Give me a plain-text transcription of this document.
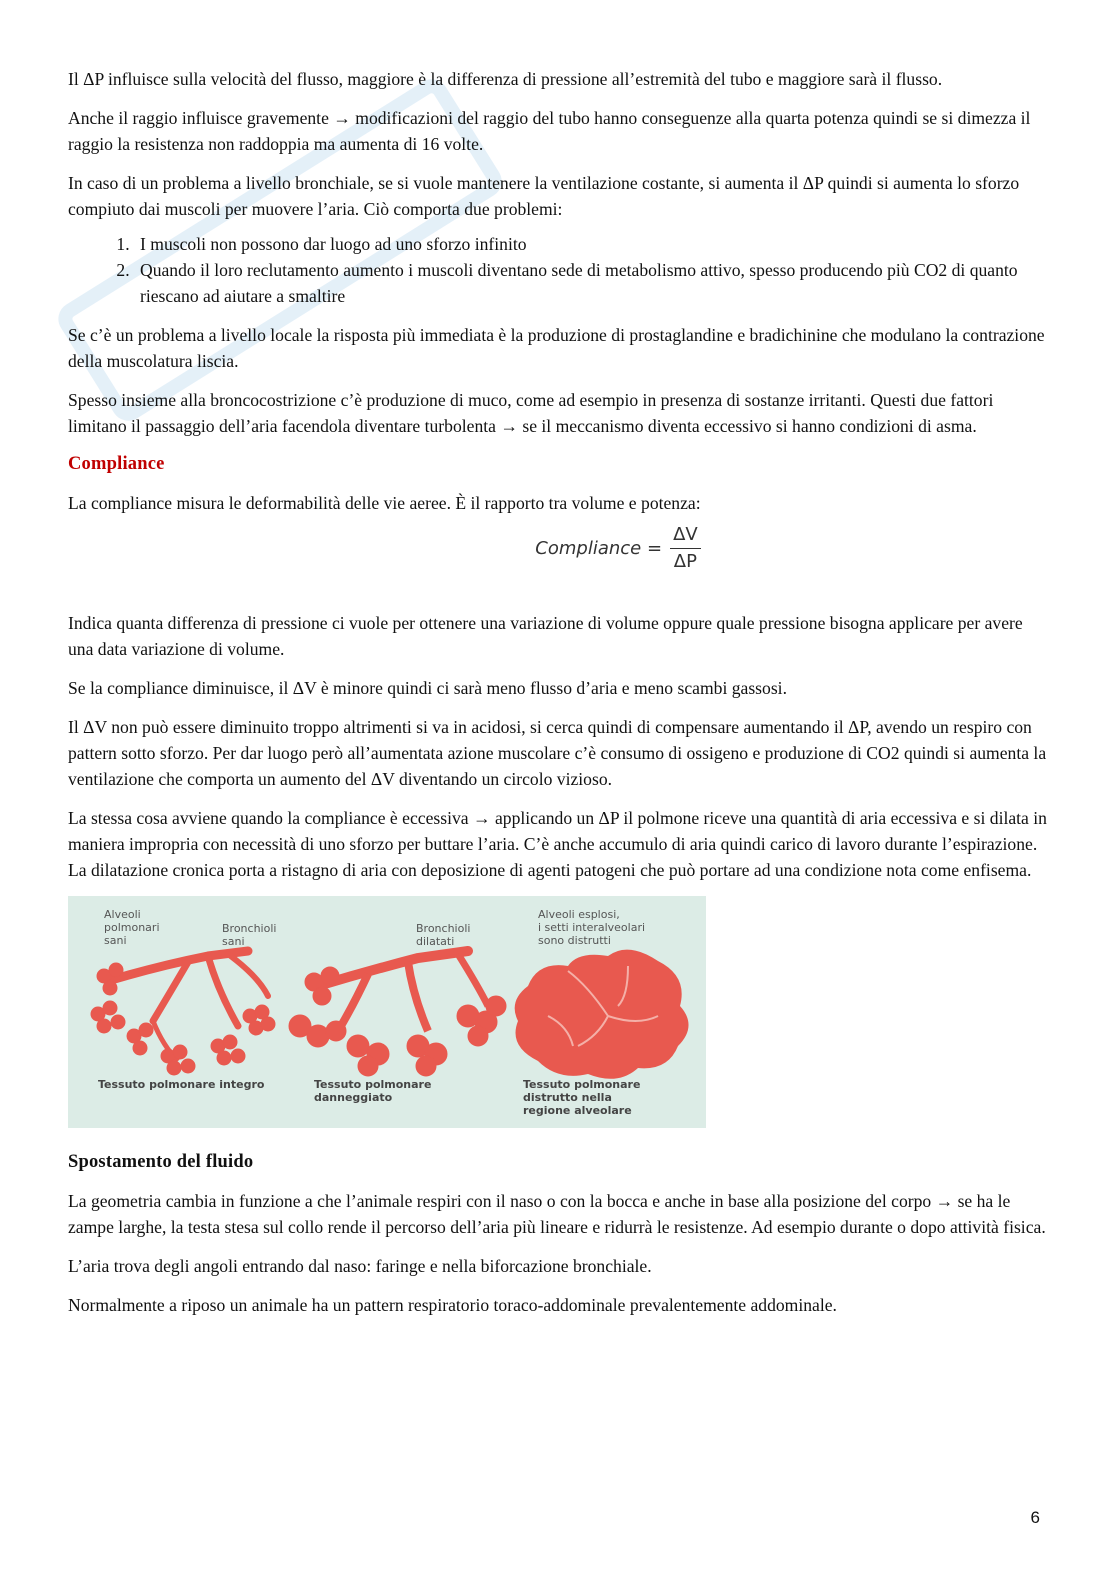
Il ΔP influisce sulla velocità del flusso, maggiore è la differenza di pressione all’estremità del tubo e maggiore sarà il flusso.

Anche il raggio influisce gravemente → modificazioni del raggio del tubo hanno conseguenze alla quarta potenza quindi se si dimezza il raggio la resistenza non raddoppia ma aumenta di 16 volte.

In caso di un problema a livello bronchiale, se si vuole mantenere la ventilazione costante, si aumenta il ΔP quindi si aumenta lo sforzo compiuto dai muscoli per muovere l’aria. Ciò comporta due problemi:

1. I muscoli non possono dar luogo ad uno sforzo infinito
2. Quando il loro reclutamento aumento i muscoli diventano sede di metabolismo attivo, spesso producendo più CO2 di quanto riescano ad aiutare a smaltire

Se c’è un problema a livello locale la risposta più immediata è la produzione di prostaglandine e bradichinine che modulano la contrazione della muscolatura liscia.

Spesso insieme alla broncocostrizione c’è produzione di muco, come ad esempio in presenza di sostanze irritanti. Questi due fattori limitano il passaggio dell’aria facendola diventare turbolenta → se il meccanismo diventa eccessivo si hanno condizioni di asma.

Compliance

La compliance misura le deformabilità delle vie aeree. È il rapporto tra volume e potenza:

Compliance = $\frac{\Delta V}{\Delta P}$

Indica quanta differenza di pressione ci vuole per ottenere una variazione di volume oppure quale pressione bisogna applicare per avere una data variazione di volume.

Se la compliance diminuisce, il ΔV è minore quindi ci sarà meno flusso d’aria e meno scambi gassosi.

Il ΔV non può essere diminuito troppo altrimenti si va in acidosi, si cerca quindi di compensare aumentando il ΔP, avendo un respiro con pattern sotto sforzo. Per dar luogo però all’aumentata azione muscolare c’è consumo di ossigeno e produzione di CO2 quindi si aumenta la ventilazione che comporta un aumento del ΔV diventando un circolo vizioso.

La stessa cosa avviene quando la compliance è eccessiva → applicando un ΔP il polmone riceve una quantità di aria eccessiva e si dilata in maniera impropria con necessità di uno sforzo per buttare l’aria. C’è anche accumulo di aria quindi carico di lavoro durante l’espirazione. La dilatazione cronica porta a ristagno di aria con deposizione di agenti patogeni che può portare ad una condizione nota come enfisema.

Alveoli
polmonari
sani
Bronchioli
sani
Bronchioli
dilatati
Alveoli esplosi,
i setti interalveolari
sono distrutti
Tessuto polmonare integro	Tessuto polmonare
danneggiato
Tessuto polmonare
distrutto nella
regione alveolare
Spostamento del fluido

La geometria cambia in funzione a che l’animale respiri con il naso o con la bocca e anche in base alla posizione del corpo → se ha le zampe larghe, la testa stesa sul collo rende il percorso dell’aria più lineare e ridurrà le resistenze. Ad esempio durante o dopo attività fisica.

L’aria trova degli angoli entrando dal naso: faringe e nella biforcazione bronchiale.

Normalmente a riposo un animale ha un pattern respiratorio toraco-addominale prevalentemente addominale.

6
